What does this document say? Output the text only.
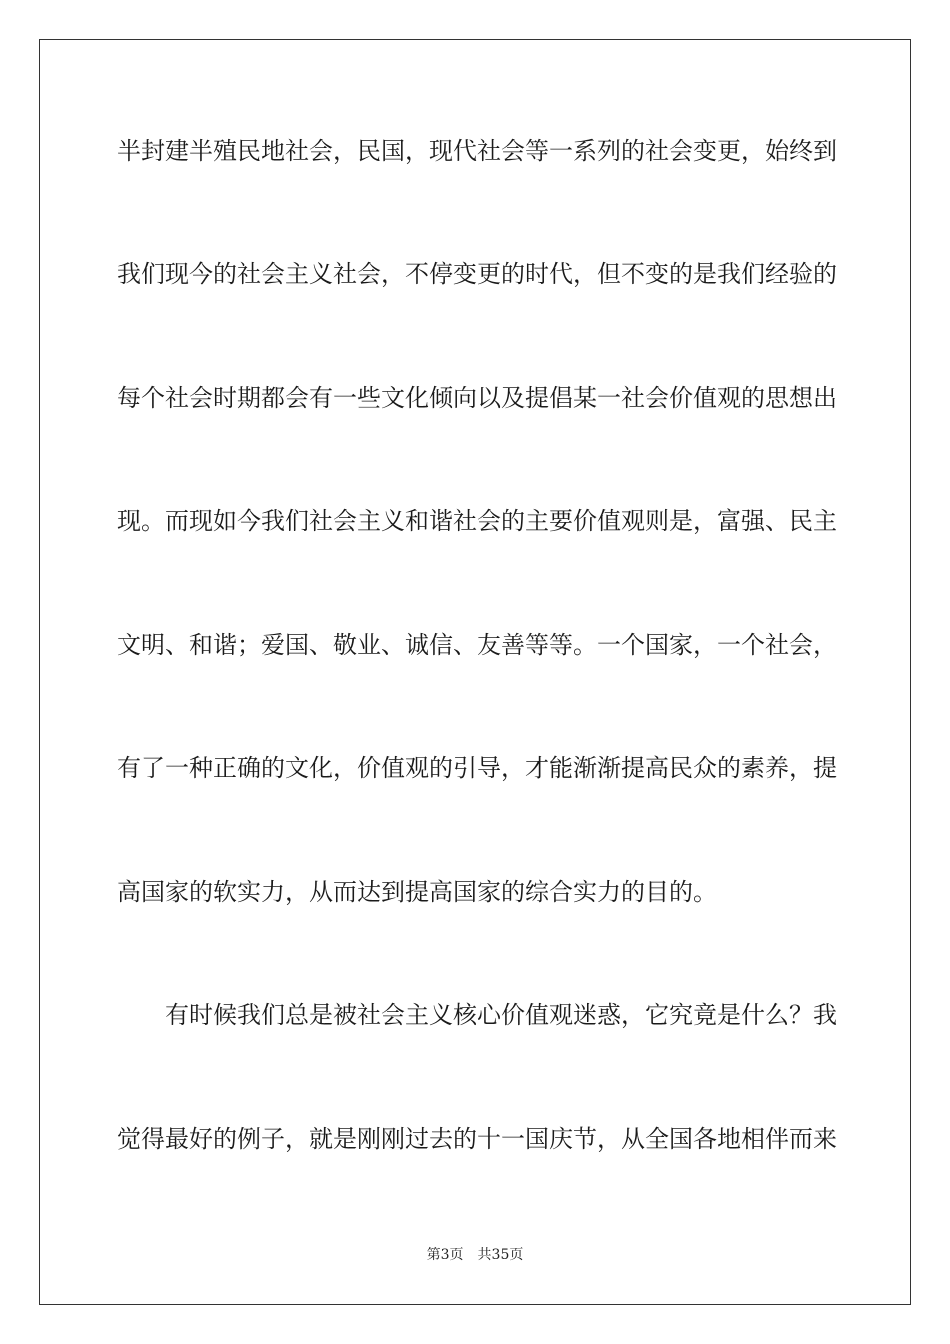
半封建半殖民地社会，民国，现代社会等一系列的社会变更，始终到
我们现今的社会主义社会，不停变更的时代，但不变的是我们经验的
每个社会时期都会有一些文化倾向以及提倡某一社会价值观的思想出
现。而现如今我们社会主义和谐社会的主要价值观则是，富强、民主
文明、和谐；爱国、敬业、诚信、友善等等。一个国家，一个社会，
有了一种正确的文化，价值观的引导，才能渐渐提高民众的素养，提
高国家的软实力，从而达到提高国家的综合实力的目的。
有时候我们总是被社会主义核心价值观迷惑，它究竟是什么？我
觉得最好的例子，就是刚刚过去的十一国庆节，从全国各地相伴而来
第3页 共35页
